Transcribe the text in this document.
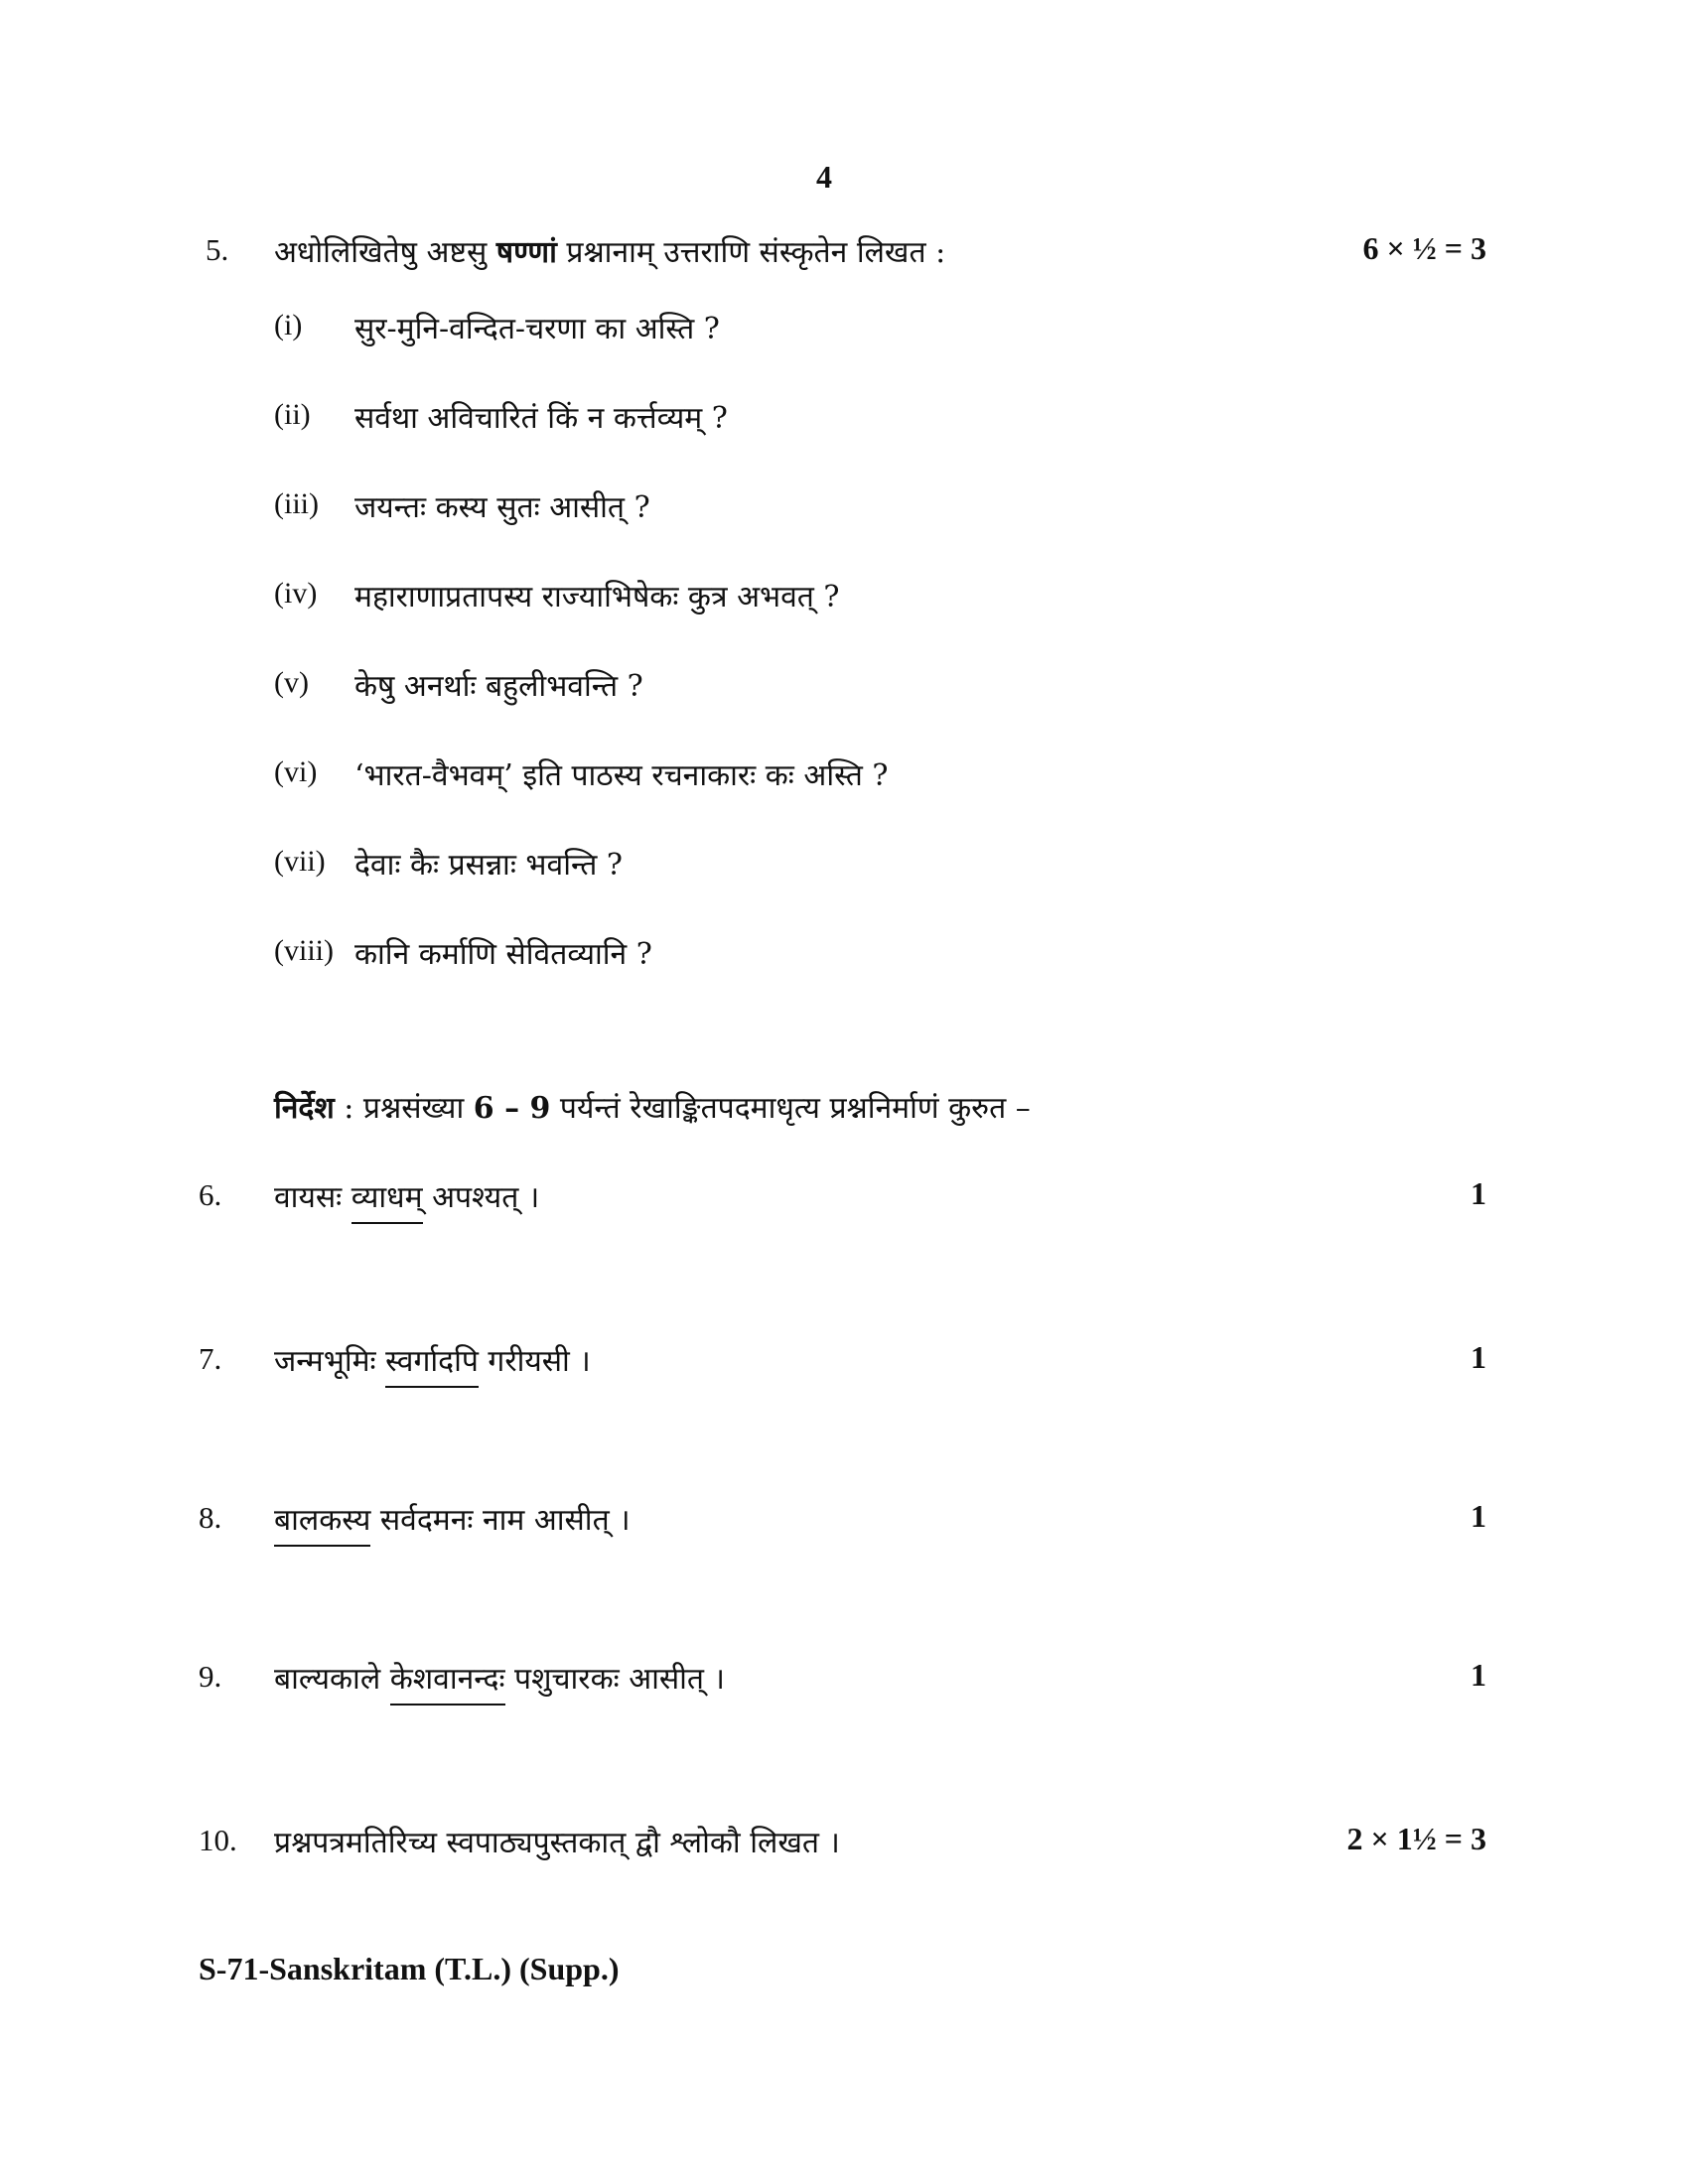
4
5. अधोलिखितेषु अष्टसु षण्णां प्रश्नानाम् उत्तराणि संस्कृतेन लिखत :	6 × ½ = 3
(i) सुर-मुनि-वन्दित-चरणा का अस्ति ?
(ii) सर्वथा अविचारितं किं न कर्त्तव्यम् ?
(iii) जयन्तः कस्य सुतः आसीत् ?
(iv) महाराणाप्रतापस्य राज्याभिषेकः कुत्र अभवत् ?
(v) केषु अनर्थाः बहुलीभवन्ति ?
(vi) ‘भारत-वैभवम्’ इति पाठस्य रचनाकारः कः अस्ति ?
(vii) देवाः कैः प्रसन्नाः भवन्ति ?
(viii) कानि कर्माणि सेवितव्यानि ?
निर्देश : प्रश्नसंख्या 6 – 9 पर्यन्तं रेखाङ्कितपदमाधृत्य प्रश्ननिर्माणं कुरुत –
6. वायसः व्याधम् अपश्यत् ।	1
7. जन्मभूमिः स्वर्गादपि गरीयसी ।	1
8. बालकस्य सर्वदमनः नाम आसीत् ।	1
9. बाल्यकाले केशवानन्दः पशुचारकः आसीत् ।	1
10. प्रश्नपत्रमतिरिच्य स्वपाठ्यपुस्तकात् द्वौ श्लोकौ लिखत ।	2 × 1½ = 3
S-71-Sanskritam (T.L.) (Supp.)
